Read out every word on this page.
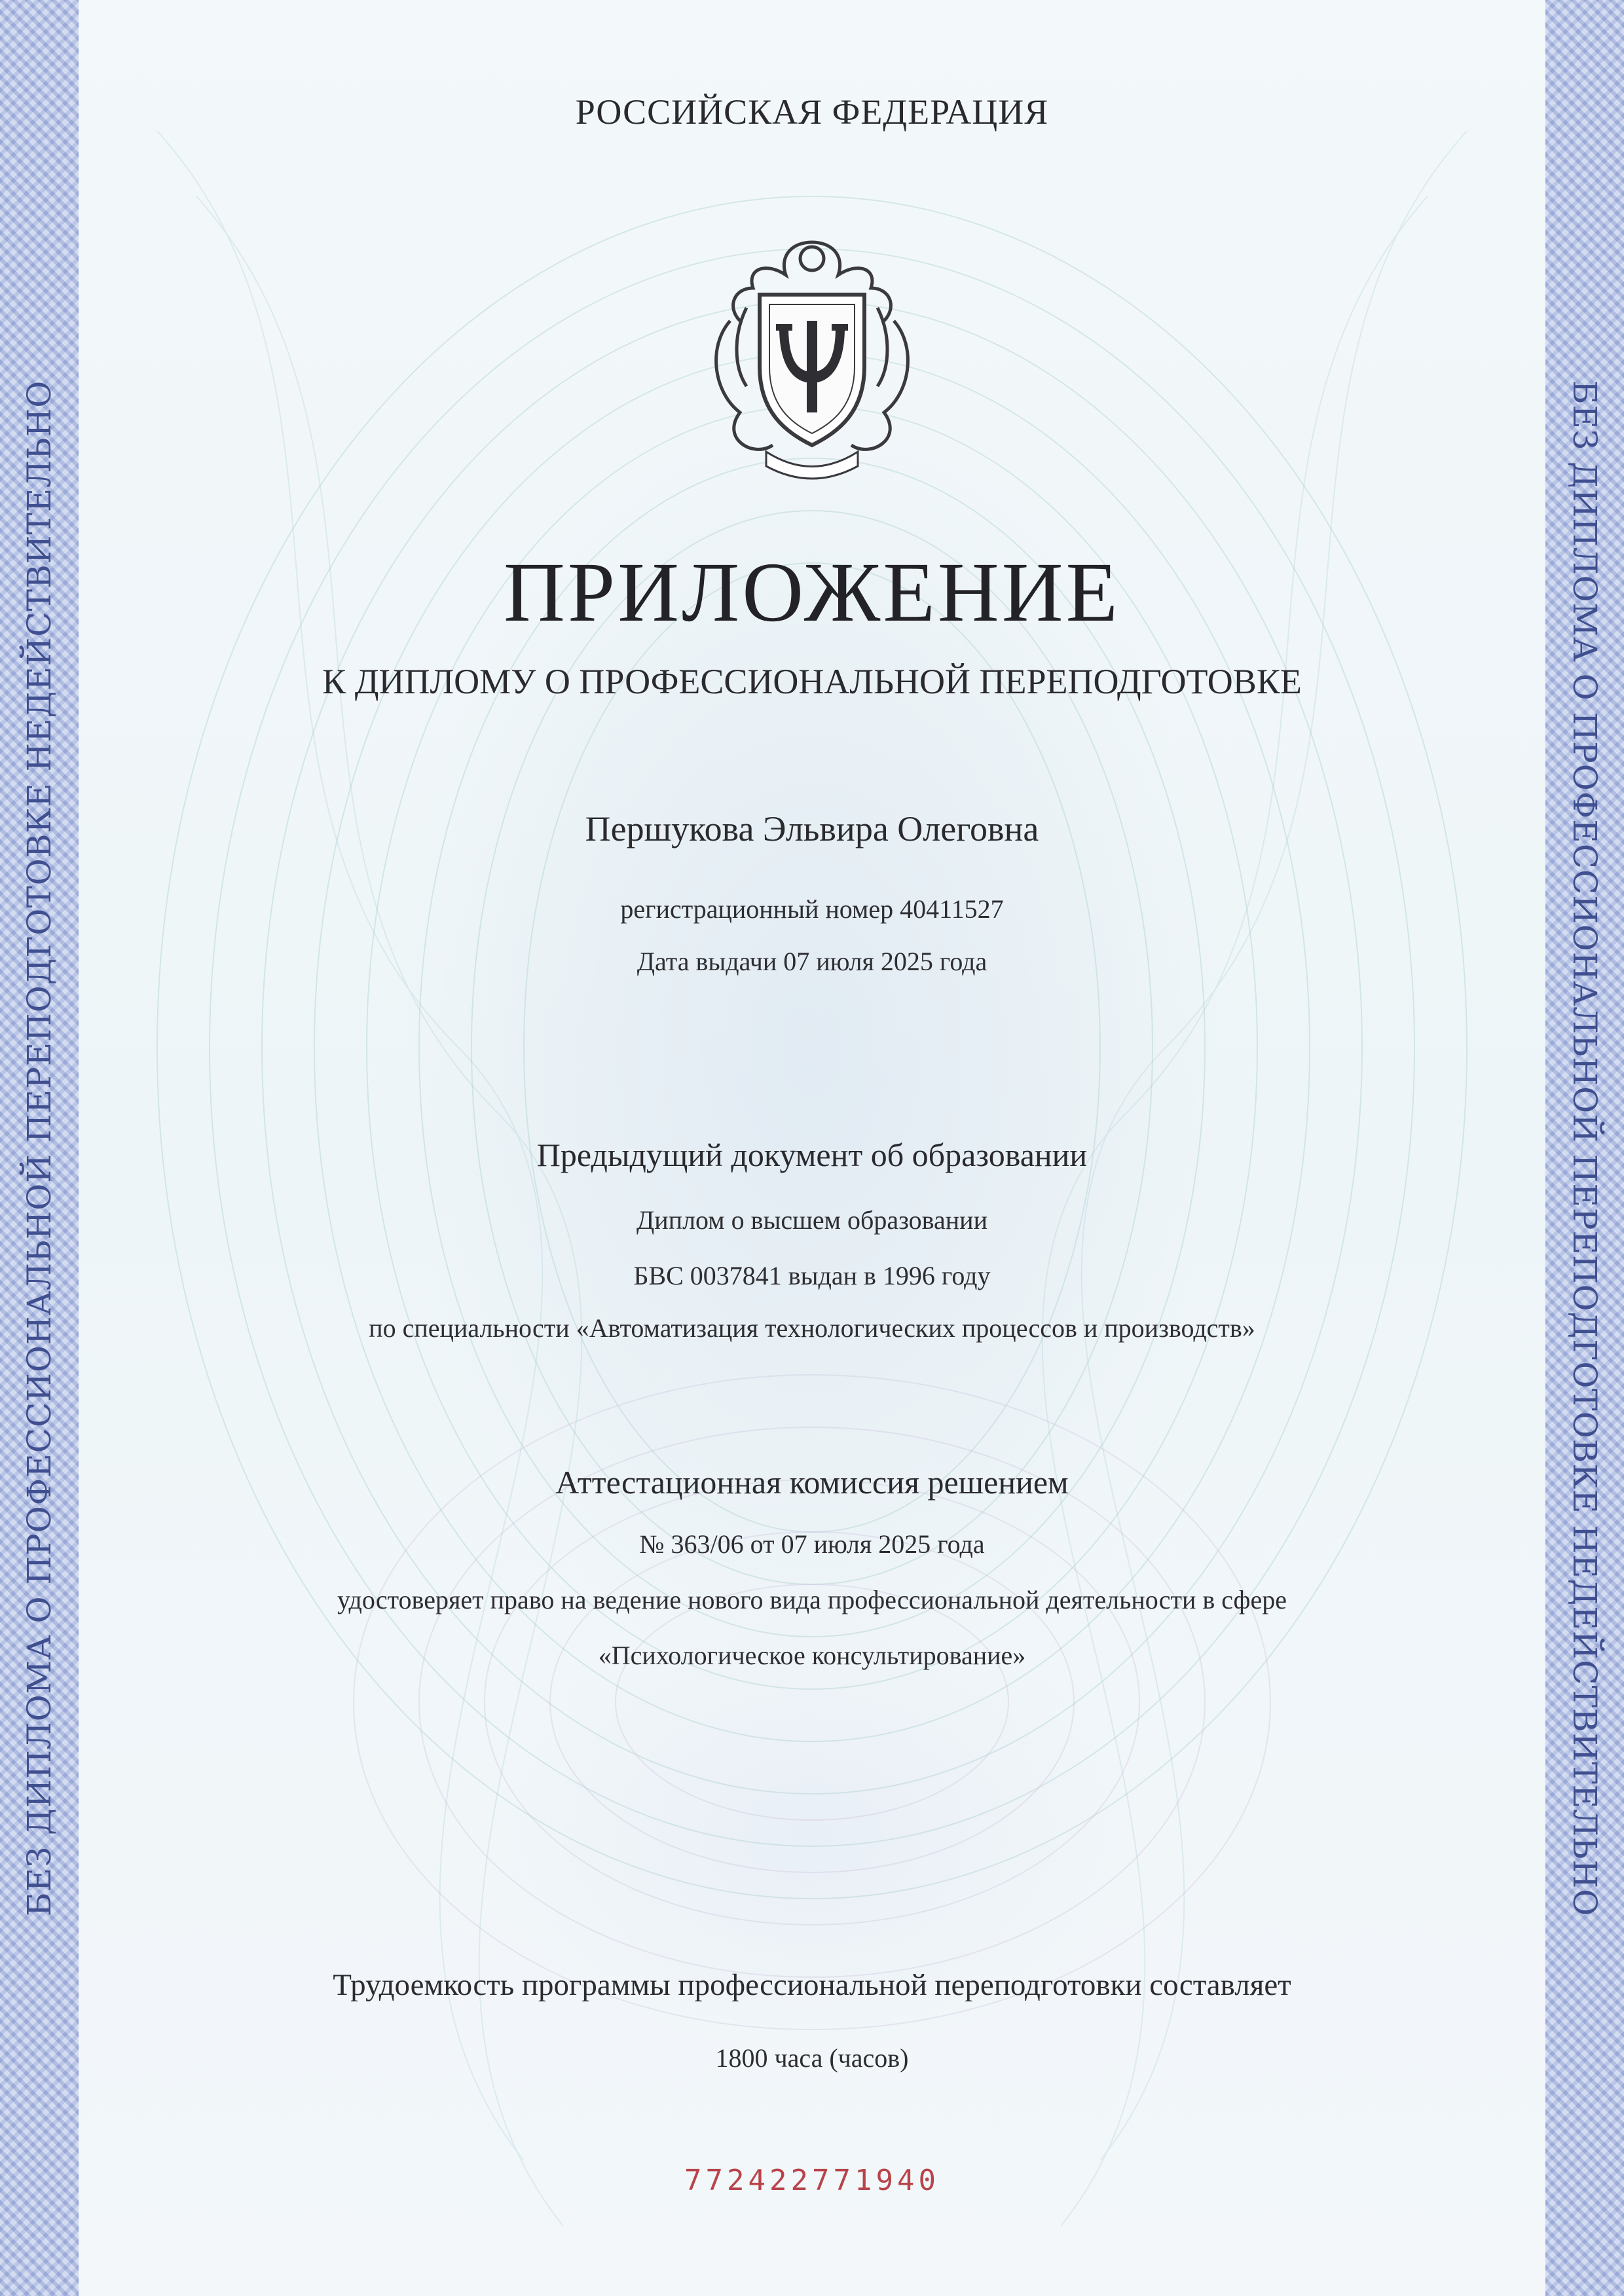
БЕЗ ДИПЛОМА О ПРОФЕССИОНАЛЬНОЙ ПЕРЕПОДГОТОВКЕ НЕДЕЙСТВИТЕЛЬНО	БЕЗ ДИПЛОМА О ПРОФЕССИОНАЛЬНОЙ ПЕРЕПОДГОТОВКЕ НЕДЕЙСТВИТЕЛЬНО
РОССИЙСКАЯ ФЕДЕРАЦИЯ
ПРИЛОЖЕНИЕ
К ДИПЛОМУ О ПРОФЕССИОНАЛЬНОЙ ПЕРЕПОДГОТОВКЕ
Першукова Эльвира Олеговна
регистрационный номер 40411527
Дата выдачи 07 июля 2025 года
Предыдущий документ об образовании
Диплом о высшем образовании
БВС 0037841 выдан в 1996 году
по специальности «Автоматизация технологических процессов и производств»
Аттестационная комиссия решением
№ 363/06 от 07 июля 2025 года
удостоверяет право на ведение нового вида профессиональной деятельности в сфере
«Психологическое консультирование»
Трудоемкость программы профессиональной переподготовки составляет
1800 часа (часов)
772422771940
